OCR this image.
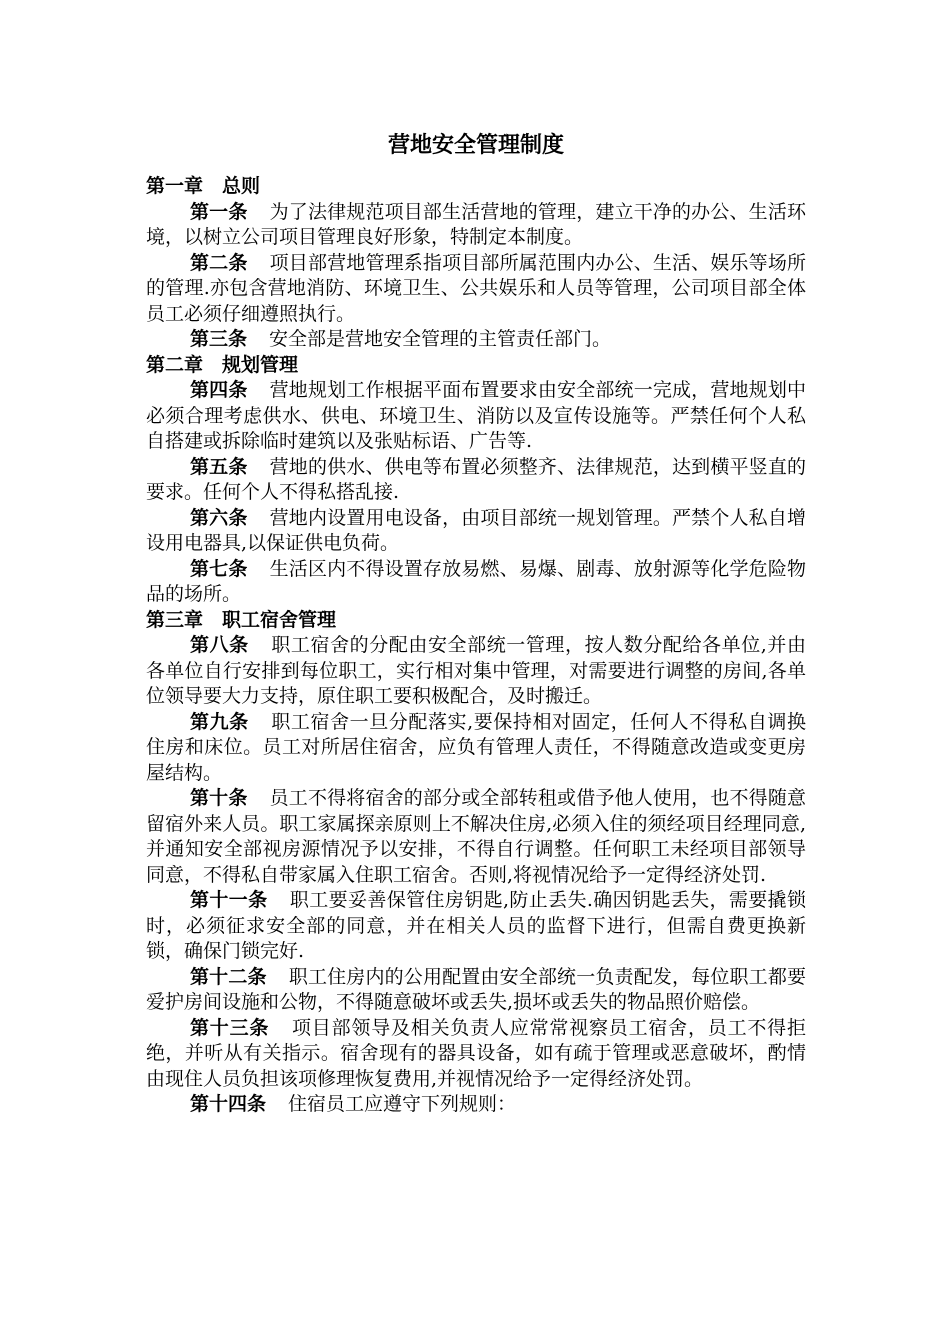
营地安全管理制度

第一章　总则

第一条 为了法律规范项目部生活营地的管理，建立干净的办公、生活环境，以树立公司项目管理良好形象，特制定本制度。

第二条 项目部营地管理系指项目部所属范围内办公、生活、娱乐等场所的管理.亦包含营地消防、环境卫生、公共娱乐和人员等管理，公司项目部全体员工必须仔细遵照执行。

第三条 安全部是营地安全管理的主管责任部门。

第二章　规划管理

第四条 营地规划工作根据平面布置要求由安全部统一完成，营地规划中必须合理考虑供水、供电、环境卫生、消防以及宣传设施等。严禁任何个人私自搭建或拆除临时建筑以及张贴标语、广告等.

第五条 营地的供水、供电等布置必须整齐、法律规范，达到横平竖直的要求。任何个人不得私搭乱接.

第六条 营地内设置用电设备，由项目部统一规划管理。严禁个人私自增设用电器具,以保证供电负荷。

第七条 生活区内不得设置存放易燃、易爆、剧毒、放射源等化学危险物品的场所。

第三章　职工宿舍管理

第八条 职工宿舍的分配由安全部统一管理，按人数分配给各单位,并由各单位自行安排到每位职工，实行相对集中管理，对需要进行调整的房间,各单位领导要大力支持，原住职工要积极配合，及时搬迁。

第九条 职工宿舍一旦分配落实,要保持相对固定，任何人不得私自调换住房和床位。员工对所居住宿舍，应负有管理人责任，不得随意改造或变更房屋结构。

第十条 员工不得将宿舍的部分或全部转租或借予他人使用，也不得随意留宿外来人员。职工家属探亲原则上不解决住房,必须入住的须经项目经理同意,并通知安全部视房源情况予以安排，不得自行调整。任何职工未经项目部领导同意，不得私自带家属入住职工宿舍。否则,将视情况给予一定得经济处罚.

第十一条 职工要妥善保管住房钥匙,防止丢失.确因钥匙丢失，需要撬锁时，必须征求安全部的同意，并在相关人员的监督下进行，但需自费更换新锁，确保门锁完好.

第十二条 职工住房内的公用配置由安全部统一负责配发，每位职工都要爱护房间设施和公物，不得随意破坏或丢失,损坏或丢失的物品照价赔偿。

第十三条 项目部领导及相关负责人应常常视察员工宿舍，员工不得拒绝，并听从有关指示。宿舍现有的器具设备，如有疏于管理或恶意破坏，酌情由现住人员负担该项修理恢复费用,并视情况给予一定得经济处罚。

第十四条 住宿员工应遵守下列规则：
